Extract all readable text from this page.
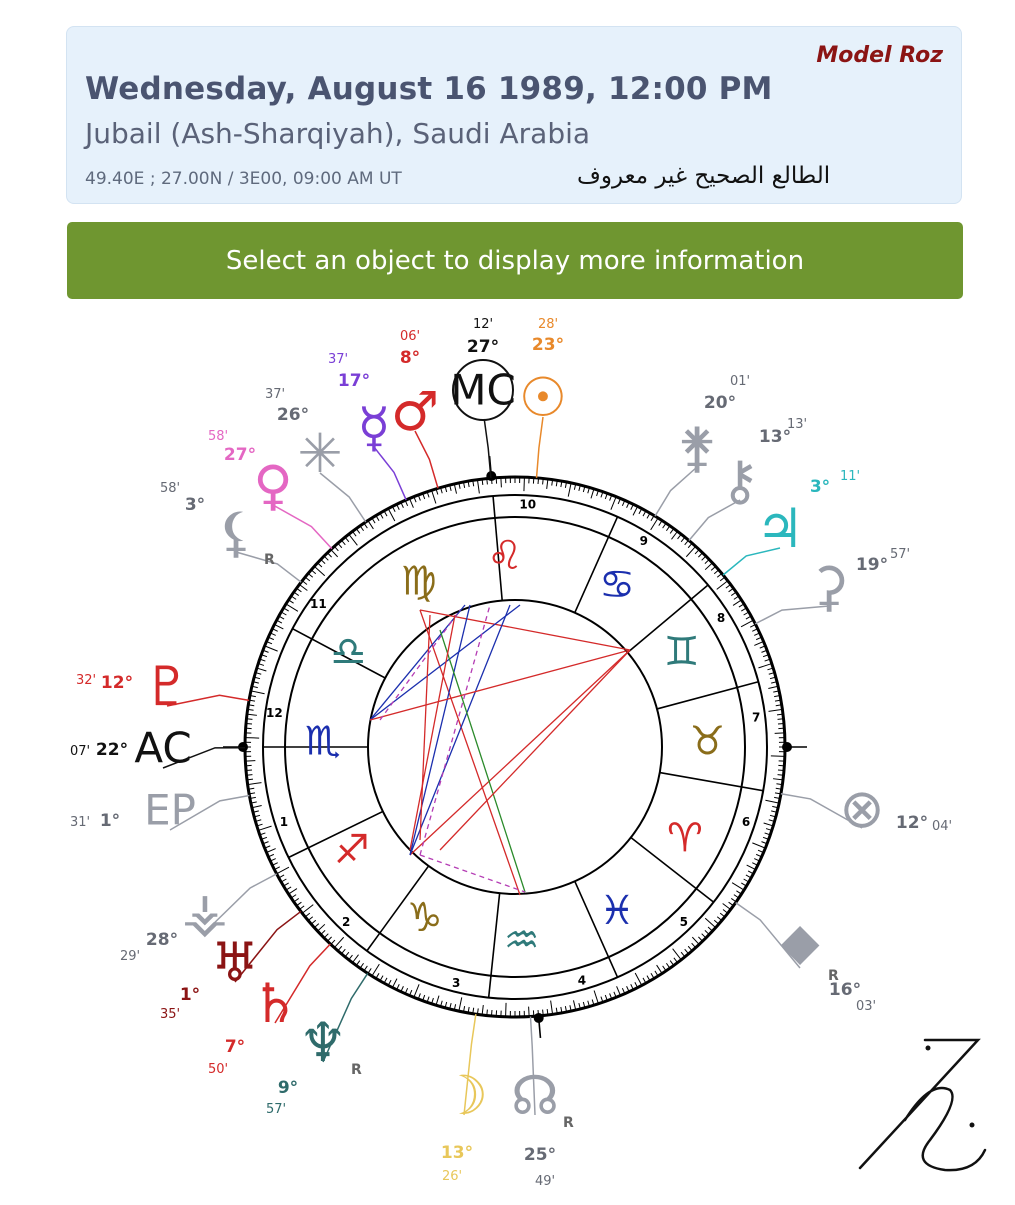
Model Roz
Wednesday, August 16 1989, 12:00 PM
Jubail (Ash-Sharqiyah), Saudi Arabia
49.40E ; 27.00N / 3E00, 09:00 AM UT	الطالع الصحيح غير معروف
Select an object to display more information
10
9
8
7
6
5
4
3
2
1
12
11 ♍
♌
♋
♊
♉
♈
♓
♒
♑
♐
♏
♎
MC
27°
12'
☉
23°
28'
♂
8°
06'
☿
17°
37'
✳
26°
37'
♀
27°
58'
⚸ R
3°
58'
♇
12°
32'
AC
22°
07'
EP
1°
31'
⚶
28°
29' ♅
1°
35' ♄
7°
50' ♆ R
9°
57'	☽
13°
26'
☊ R
25°
49'
⯁ R
16°
03'
⊗ 12° 04'
⚳ 19°
57'
♃
3°
11'
⚷
13°
13'
⚵
20°
01'
